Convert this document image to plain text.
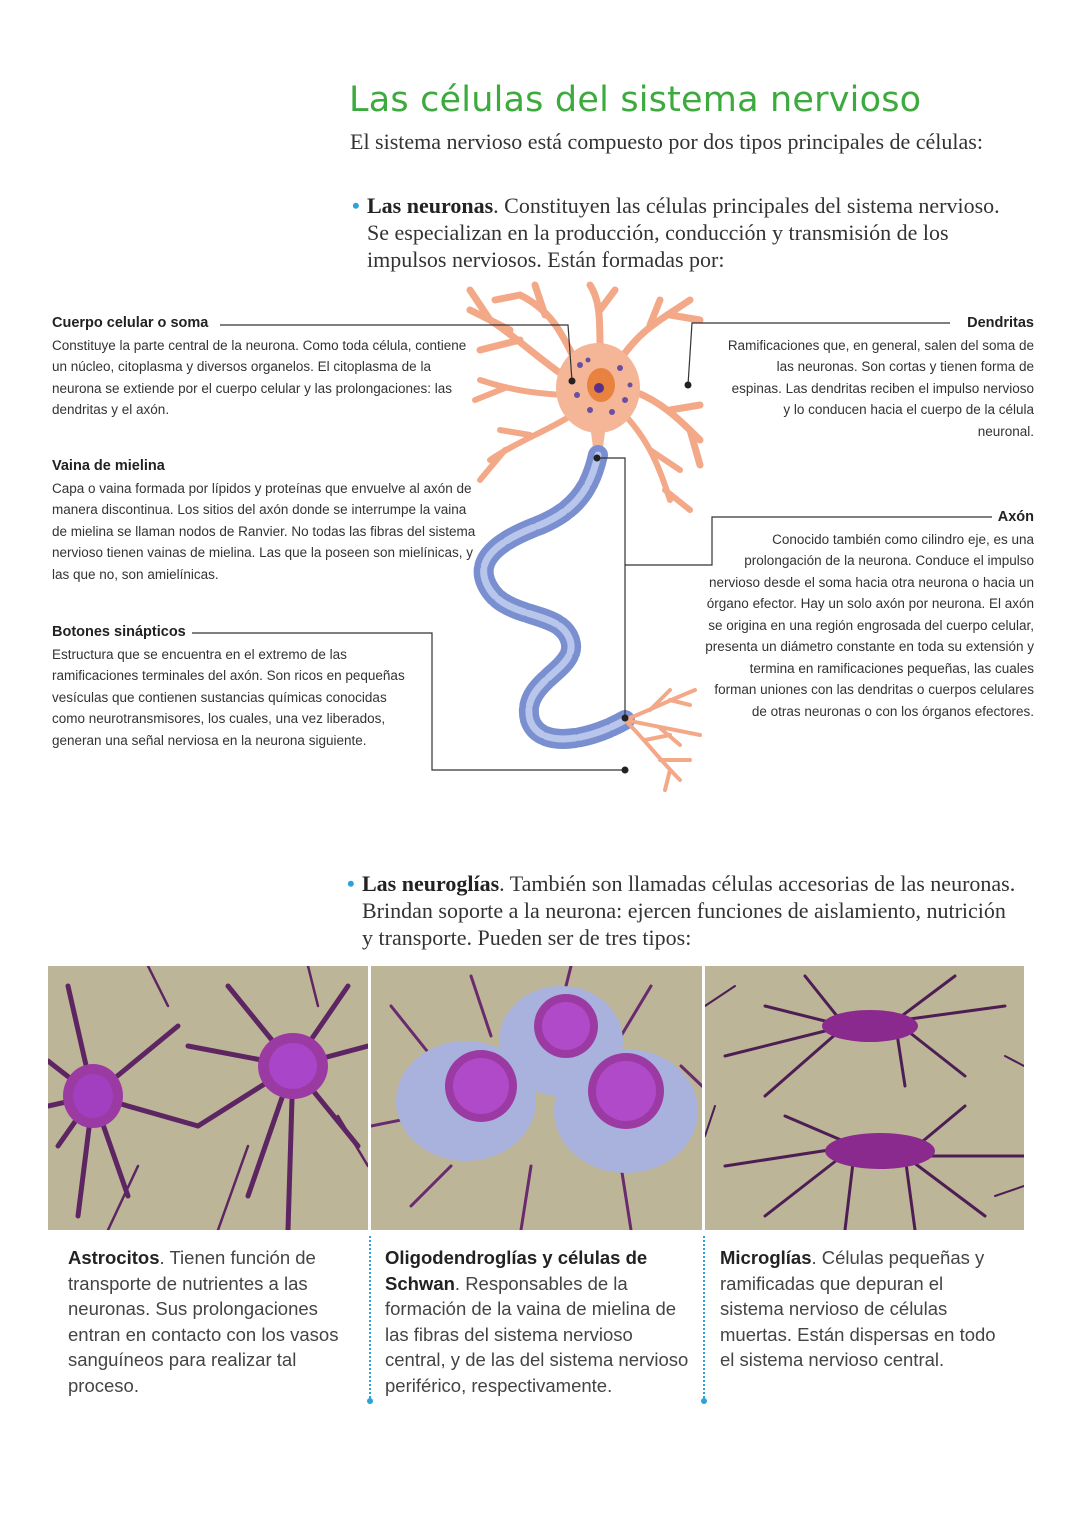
Las células del sistema nervioso

El sistema nervioso está compuesto por dos tipos principales de células:

• Las neuronas. Constituyen las células principales del sistema nervioso. Se especializan en la producción, conducción y transmisión de los impulsos nerviosos. Están formadas por:
Cuerpo celular o soma
Constituye la parte central de la neurona. Como toda célula, contiene un núcleo, citoplasma y diversos organelos. El citoplasma de la neurona se extiende por el cuerpo celular y las prolongaciones: las dendritas y el axón.
Vaina de mielina
Capa o vaina formada por lípidos y proteínas que envuelve al axón de manera discontinua. Los sitios del axón donde se interrumpe la vaina de mielina se llaman nodos de Ranvier. No todas las fibras del sistema nervioso tienen vainas de mielina. Las que la poseen son mielínicas, y las que no, son amielínicas.
Botones sinápticos
Estructura que se encuentra en el extremo de las ramificaciones terminales del axón. Son ricos en pequeñas vesículas que contienen sustancias químicas conocidas como neurotransmisores, los cuales, una vez liberados, generan una señal nerviosa en la neurona siguiente.
Dendritas
Ramificaciones que, en general, salen del soma de las neuronas. Son cortas y tienen forma de espinas. Las dendritas reciben el impulso nervioso y lo conducen hacia el cuerpo de la célula neuronal.
Axón
Conocido también como cilindro eje, es una prolongación de la neurona. Conduce el impulso nervioso desde el soma hacia otra neurona o hacia un órgano efector. Hay un solo axón por neurona. El axón se origina en una región engrosada del cuerpo celular, presenta un diámetro constante en toda su extensión y termina en ramificaciones pequeñas, las cuales forman uniones con las dendritas o cuerpos celulares de otras neuronas o con los órganos efectores.
• Las neuroglías. También son llamadas células accesorias de las neuronas. Brindan soporte a la neurona: ejercen funciones de aislamiento, nutrición y transporte. Pueden ser de tres tipos:
Astrocitos. Tienen función de transporte de nutrientes a las neuronas. Sus prolongaciones entran en contacto con los vasos sanguíneos para realizar tal proceso.
Oligodendroglías y células de Schwan. Responsables de la formación de la vaina de mielina de las fibras del sistema nervioso central, y de las del sistema nervioso periférico, respectivamente.
Microglías. Células pequeñas y ramificadas que depuran el sistema nervioso de células muertas. Están dispersas en todo el sistema nervioso central.
